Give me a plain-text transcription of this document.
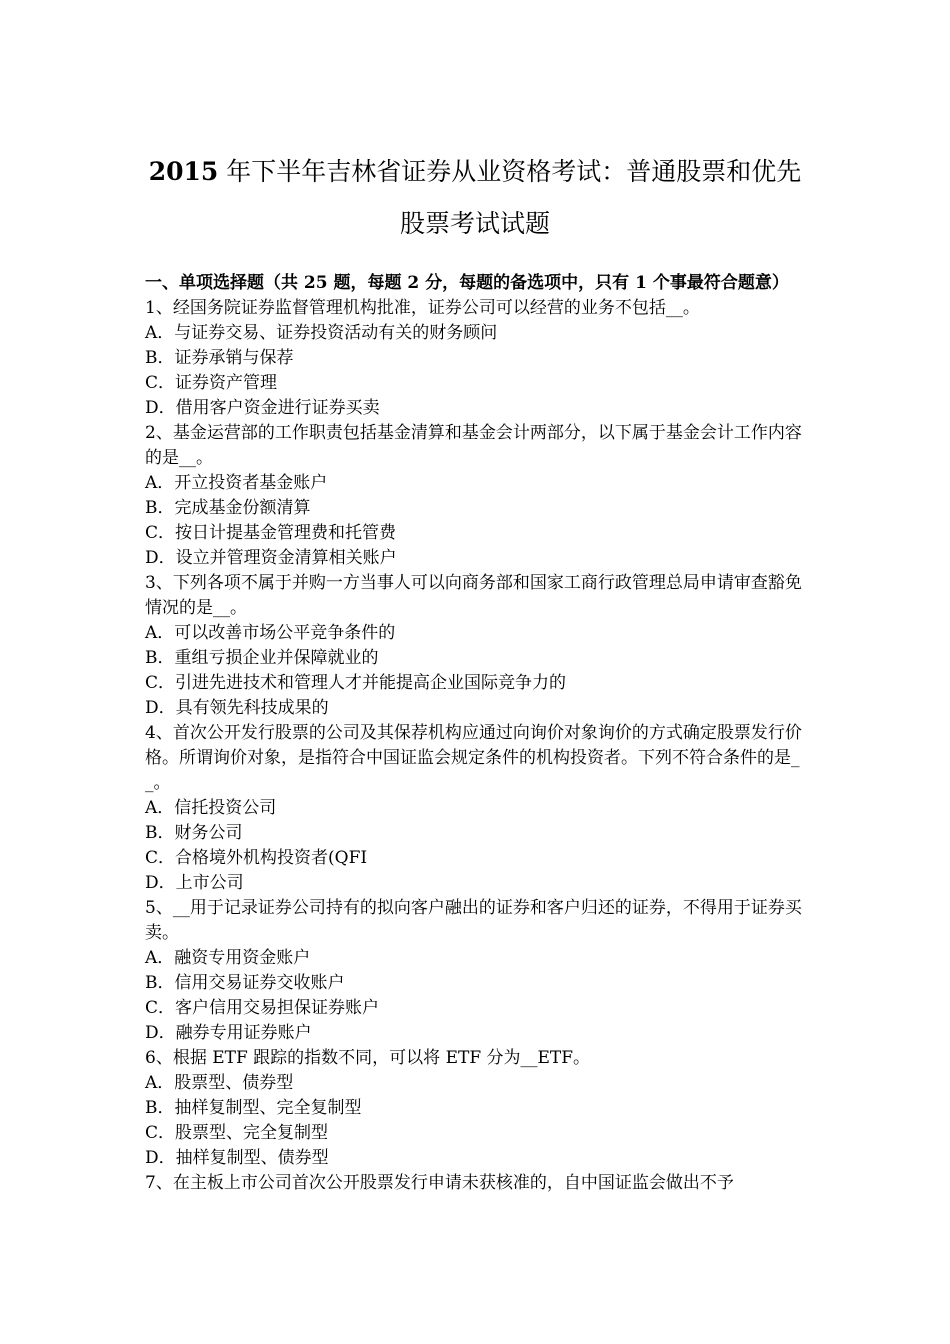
2015 年下半年吉林省证券从业资格考试：普通股票和优先
股票考试试题

一、单项选择题（共 25 题，每题 2 分，每题的备选项中，只有 1 个事最符合题意）

1、经国务院证券监督管理机构批准，证券公司可以经营的业务不包括__。

A．与证券交易、证券投资活动有关的财务顾问

B．证券承销与保荐

C．证券资产管理

D．借用客户资金进行证券买卖

2、基金运营部的工作职责包括基金清算和基金会计两部分，以下属于基金会计工作内容的是__。

A．开立投资者基金账户

B．完成基金份额清算

C．按日计提基金管理费和托管费

D．设立并管理资金清算相关账户

3、下列各项不属于并购一方当事人可以向商务部和国家工商行政管理总局申请审查豁免情况的是__。

A．可以改善市场公平竞争条件的

B．重组亏损企业并保障就业的

C．引进先进技术和管理人才并能提高企业国际竞争力的

D．具有领先科技成果的

4、首次公开发行股票的公司及其保荐机构应通过向询价对象询价的方式确定股票发行价格。所谓询价对象，是指符合中国证监会规定条件的机构投资者。下列不符合条件的是__。

A．信托投资公司

B．财务公司

C．合格境外机构投资者(QFI

D．上市公司

5、__用于记录证券公司持有的拟向客户融出的证券和客户归还的证券，不得用于证券买卖。

A．融资专用资金账户

B．信用交易证券交收账户

C．客户信用交易担保证券账户

D．融券专用证券账户

6、根据 ETF 跟踪的指数不同，可以将 ETF 分为__ETF。

A．股票型、债券型

B．抽样复制型、完全复制型

C．股票型、完全复制型

D．抽样复制型、债券型

7、在主板上市公司首次公开股票发行申请未获核准的，自中国证监会做出不予
